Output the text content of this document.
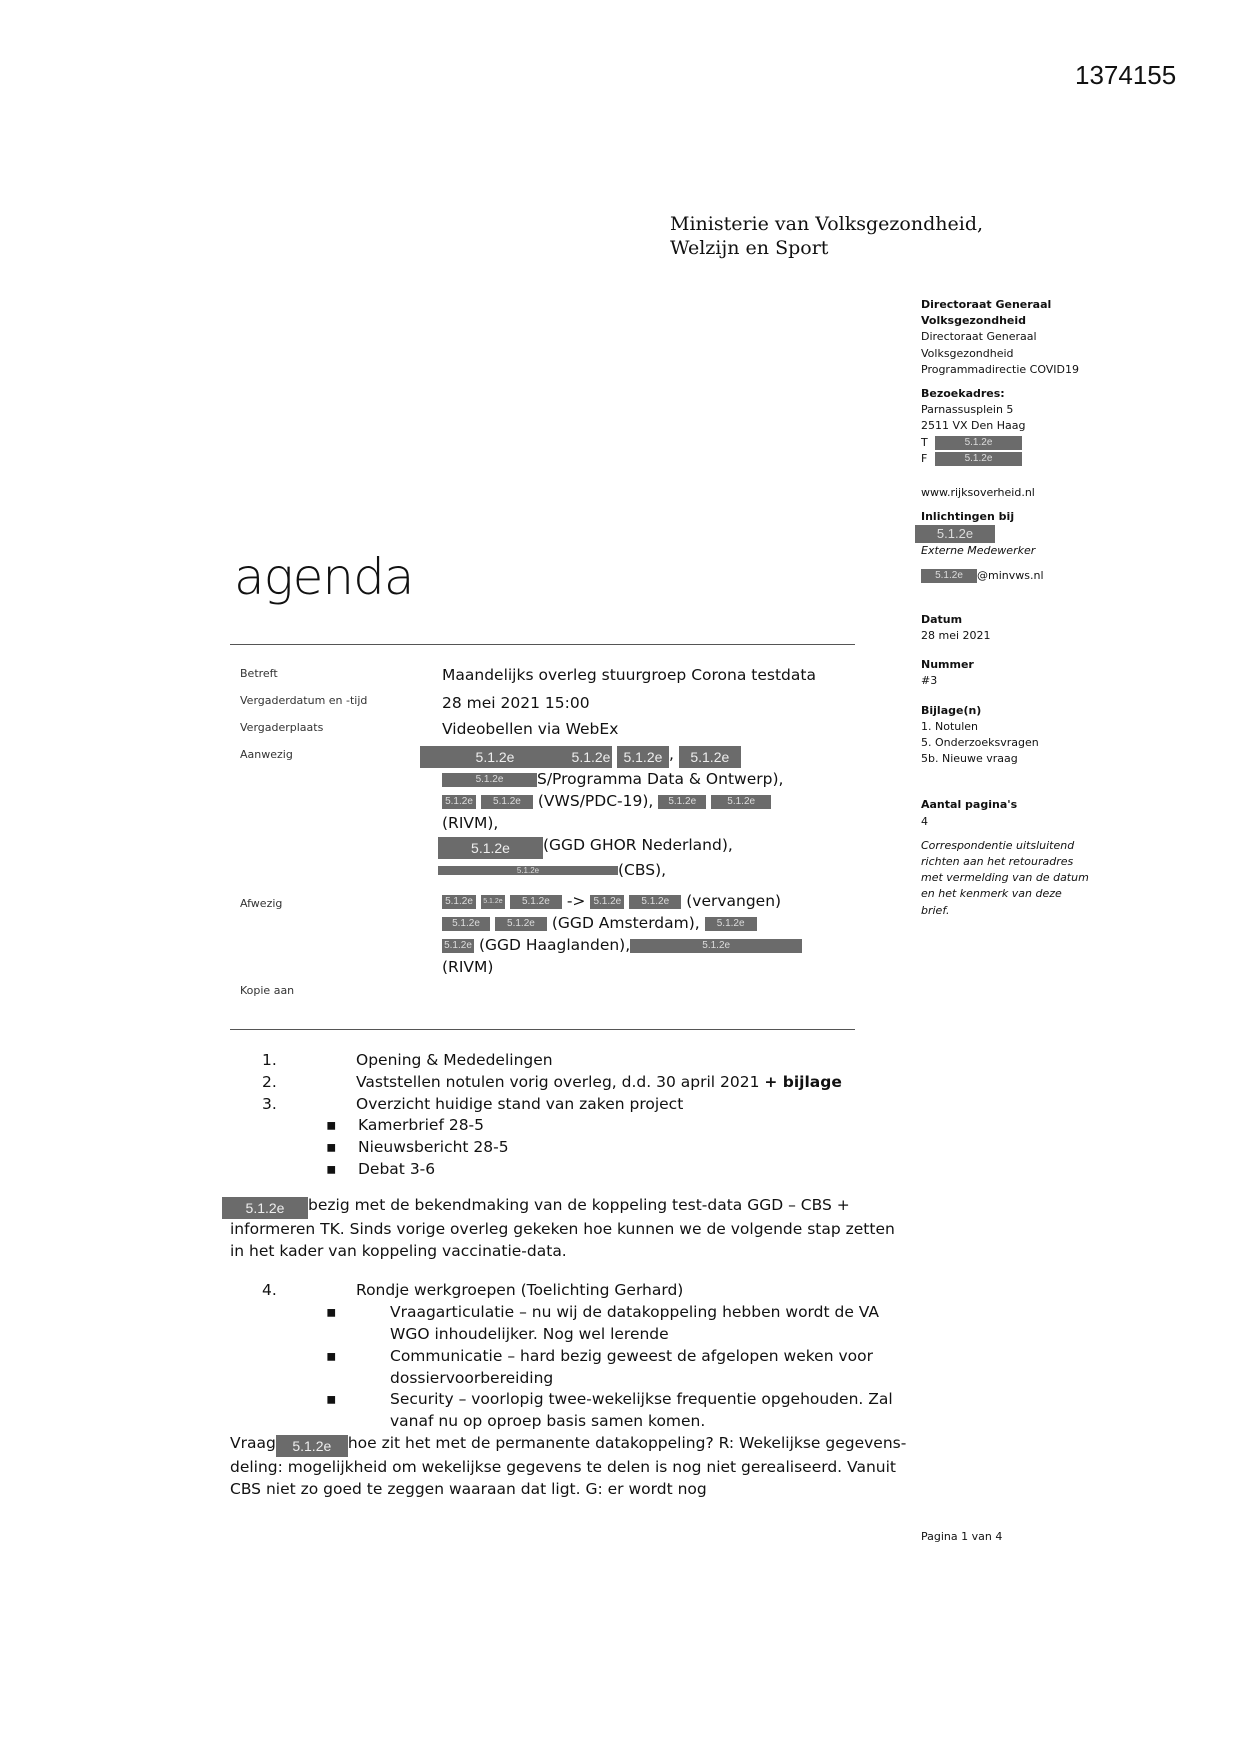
1374155
Ministerie van Volksgezondheid,
Welzijn en Sport
Directoraat Generaal
Volksgezondheid
Directoraat Generaal
Volksgezondheid
Programmadirectie COVID19
Bezoekadres:
Parnassusplein 5
2511 VX Den Haag
T	5.1.2e
F	5.1.2e
www.rijksoverheid.nl
Inlichtingen bij
5.1.2e
Externe Medewerker
5.1.2e @minvws.nl
Datum
28 mei 2021
Nummer
#3
Bijlage(n)
1. Notulen
5. Onderzoeksvragen
5b. Nieuwe vraag
Aantal pagina's
4
Correspondentie uitsluitend
richten aan het retouradres
met vermelding van de datum
en het kenmerk van deze
brief.
agenda
Betreft	Maandelijks overleg stuurgroep Corona testdata
Vergaderdatum en -tijd	28 mei 2021 15:00
Vergaderplaats	Videobellen via WebEx
Aanwezig	5.1.2e	5.1.2e 5.1.2e , 5.1.2e
5.1.2e S/Programma Data & Ontwerp),
5.1.2e 5.1.2e (VWS/PDC-19), 5.1.2e	5.1.2e
(RIVM),
5.1.2e (GGD GHOR Nederland),
5.1.2e	(CBS),
Afwezig	5.1.2e 5.1.2e 5.1.2e -> 5.1.2e 5.1.2e (vervangen)
5.1.2e	5.1.2e (GGD Amsterdam), 5.1.2e
5.1.2e (GGD Haaglanden),	5.1.2e
(RIVM)
Kopie aan
1.	Opening & Mededelingen
2.	Vaststellen notulen vorig overleg, d.d. 30 april 2021 + bijlage
3.	Overzicht huidige stand van zaken project
▪	Kamerbrief 28-5
▪	Nieuwsbericht 28-5
▪	Debat 3-6
5.1.2e bezig met de bekendmaking van de koppeling test-data GGD – CBS + informeren TK. Sinds vorige overleg gekeken hoe kunnen we de volgende stap zetten in het kader van koppeling vaccinatie-data.
4.	Rondje werkgroepen (Toelichting Gerhard)
▪	Vraagarticulatie – nu wij de datakoppeling hebben wordt de VA WGO inhoudelijker. Nog wel lerende
▪	Communicatie – hard bezig geweest de afgelopen weken voor dossiervoorbereiding
▪	Security – voorlopig twee-wekelijkse frequentie opgehouden. Zal vanaf nu op oproep basis samen komen.
Vraag 5.1.2e hoe zit het met de permanente datakoppeling? R: Wekelijkse gegevens-deling: mogelijkheid om wekelijkse gegevens te delen is nog niet gerealiseerd. Vanuit CBS niet zo goed te zeggen waaraan dat ligt. G: er wordt nog
Pagina 1 van 4
